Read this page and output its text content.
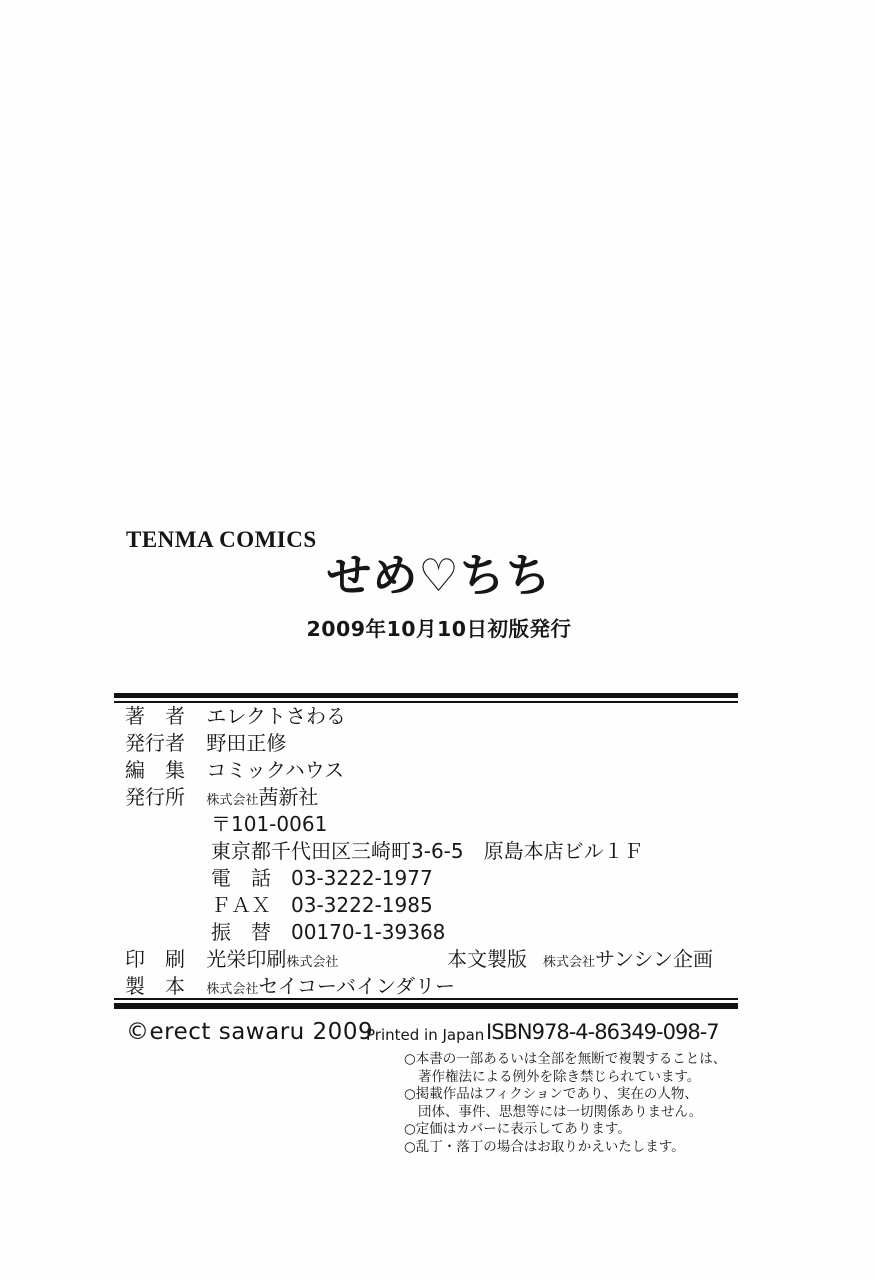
TENMA COMICS
せめ♡ちち
2009年10月10日初版発行
著　者 エレクトさわる
発行者 野田正修
編　集 コミックハウス
発行所 株式会社茜新社
〒101-0061
東京都千代田区三崎町3-6-5　原島本店ビル１Ｆ
電　話 03-3222-1977
ＦＡＸ 03-3222-1985
振　替 00170-1-39368
印　刷 光栄印刷株式会社	本文製版 株式会社サンシン企画
製　本 株式会社セイコーバインダリー
©erect sawaru 2009
Printed in Japan ISBN978-4-86349-098-7
○本書の一部あるいは全部を無断で複製することは、
著作権法による例外を除き禁じられています。
○掲載作品はフィクションであり、実在の人物、
団体、事件、思想等には一切関係ありません。
○定価はカバーに表示してあります。
○乱丁・落丁の場合はお取りかえいたします。
